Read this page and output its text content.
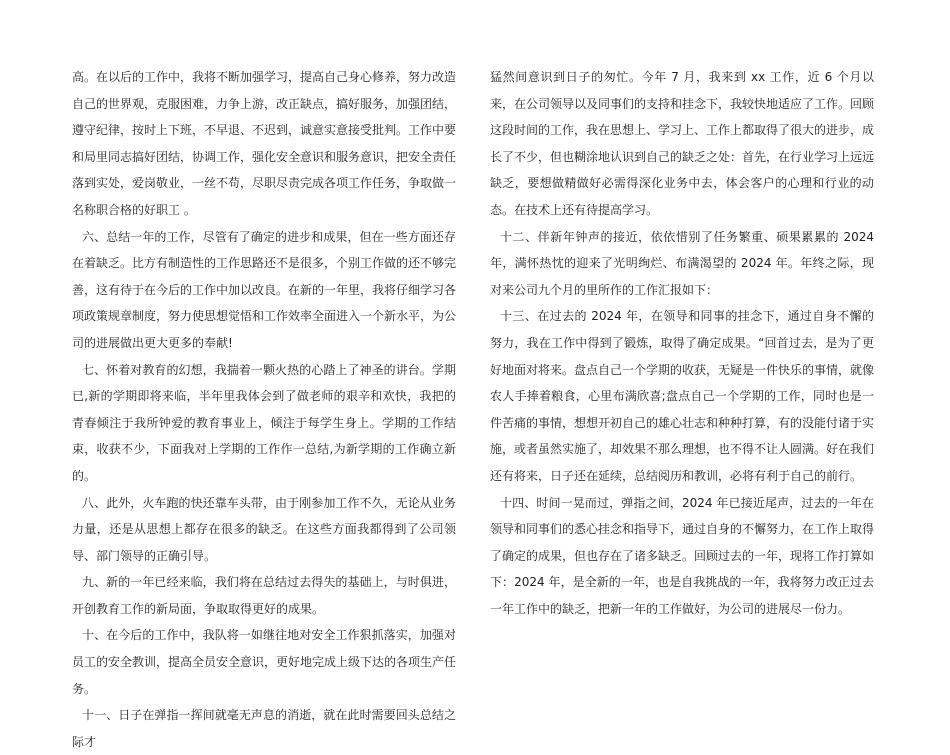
高。在以后的工作中，我将不断加强学习，提高自己身心修养，努力改造自己的世界观，克服困难，力争上游，改正缺点，搞好服务，加强团结，遵守纪律，按时上下班，不早退、不迟到，诚意实意接受批判。工作中要和局里同志搞好团结，协调工作，强化安全意识和服务意识，把安全责任落到实处，爱岗敬业，一丝不苟，尽职尽责完成各项工作任务，争取做一名称职合格的好职工 。

六、总结一年的工作，尽管有了确定的进步和成果，但在一些方面还存在着缺乏。比方有制造性的工作思路还不是很多，个别工作做的还不够完善，这有待于在今后的工作中加以改良。在新的一年里，我将仔细学习各项政策规章制度，努力使思想觉悟和工作效率全面进入一个新水平，为公司的进展做出更大更多的奉献!

七、怀着对教育的幻想，我揣着一颗火热的心踏上了神圣的讲台。学期已,新的学期即将来临，半年里我体会到了做老师的艰辛和欢快，我把的青春倾注于我所钟爱的教育事业上，倾注于每学生身上。学期的工作结束，收获不少，下面我对上学期的工作作一总结,为新学期的工作确立新的。

八、此外，火车跑的快还靠车头带，由于刚参加工作不久，无论从业务力量，还是从思想上都存在很多的缺乏。在这些方面我都得到了公司领导、部门领导的正确引导。

九、新的一年已经来临，我们将在总结过去得失的基础上，与时俱进，开创教育工作的新局面，争取取得更好的成果。

十、在今后的工作中，我队将一如继往地对安全工作狠抓落实，加强对员工的安全教训，提高全员安全意识，更好地完成上级下达的各项生产任务。

十一、日子在弹指一挥间就毫无声息的消逝，就在此时需要回头总结之际才

猛然间意识到日子的匆忙。今年 7 月，我来到 xx 工作，近 6 个月以来，在公司领导以及同事们的支持和挂念下，我较快地适应了工作。回顾这段时间的工作，我在思想上、学习上、工作上都取得了很大的进步，成长了不少，但也糊涂地认识到自己的缺乏之处：首先，在行业学习上远远缺乏，要想做精做好必需得深化业务中去，体会客户的心理和行业的动态。在技术上还有待提高学习。

十二、伴新年钟声的接近，依依惜别了任务繁重、硕果累累的 2024 年，满怀热忱的迎来了光明绚烂、布满渴望的 2024 年。年终之际，现对来公司九个月的里所作的工作汇报如下：

十三、在过去的 2024 年，在领导和同事的挂念下，通过自身不懈的努力，我在工作中得到了锻炼，取得了确定成果。“回首过去，是为了更好地面对将来。盘点自己一个学期的收获，无疑是一件快乐的事情，就像农人手捧着粮食，心里布满欣喜;盘点自己一个学期的工作，同时也是一件苦痛的事情，想想开初自己的雄心壮志和种种打算，有的没能付诸于实施，或者虽然实施了，却效果不那么理想，也不得不让人圆满。好在我们还有将来，日子还在延续，总结阅历和教训，必将有利于自己的前行。

十四、时间一晃而过，弹指之间，2024 年已接近尾声，过去的一年在领导和同事们的悉心挂念和指导下，通过自身的不懈努力，在工作上取得了确定的成果，但也存在了诸多缺乏。回顾过去的一年，现将工作打算如下：2024 年，是全新的一年，也是自我挑战的一年，我将努力改正过去一年工作中的缺乏，把新一年的工作做好，为公司的进展尽一份力。
